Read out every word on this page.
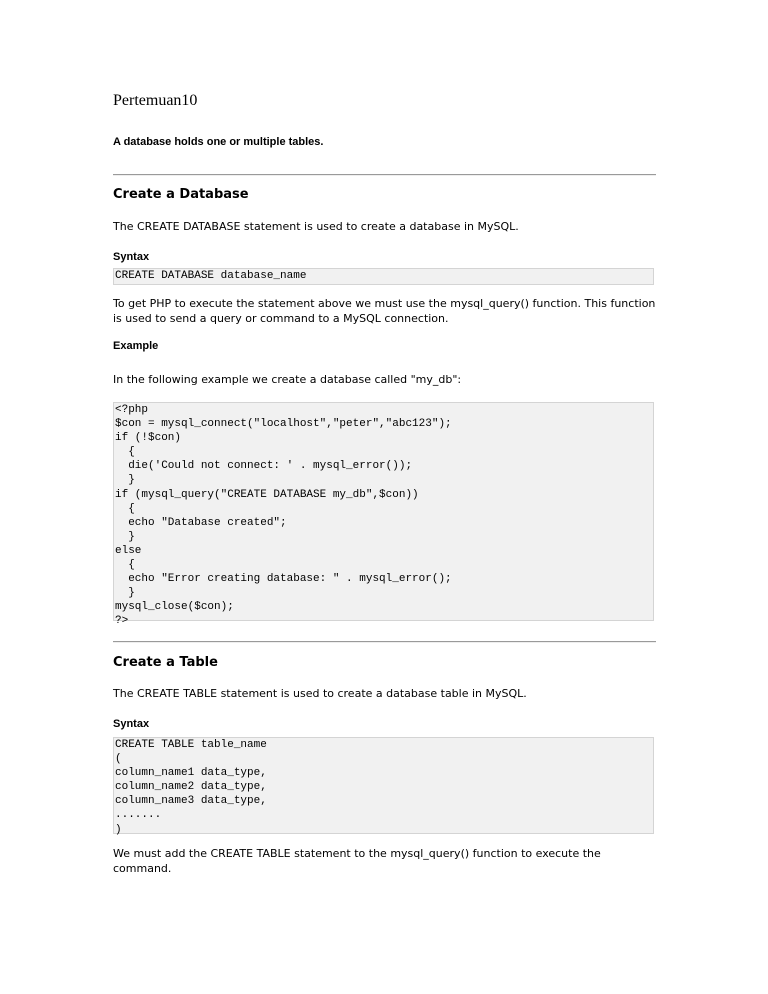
Pertemuan10
A database holds one or multiple tables.
Create a Database
The CREATE DATABASE statement is used to create a database in MySQL.
Syntax
CREATE DATABASE database_name
To get PHP to execute the statement above we must use the mysql_query() function. This function is used to send a query or command to a MySQL connection.
Example
In the following example we create a database called "my_db":
<?php
$con = mysql_connect("localhost","peter","abc123");
if (!$con)
{
die('Could not connect: ' . mysql_error());
}
if (mysql_query("CREATE DATABASE my_db",$con))
{
echo "Database created";
}
else
{
echo "Error creating database: " . mysql_error();
}
mysql_close($con);
?>
Create a Table
The CREATE TABLE statement is used to create a database table in MySQL.
Syntax
CREATE TABLE table_name
(
column_name1 data_type,
column_name2 data_type,
column_name3 data_type,
.......
)
We must add the CREATE TABLE statement to the mysql_query() function to execute the command.
